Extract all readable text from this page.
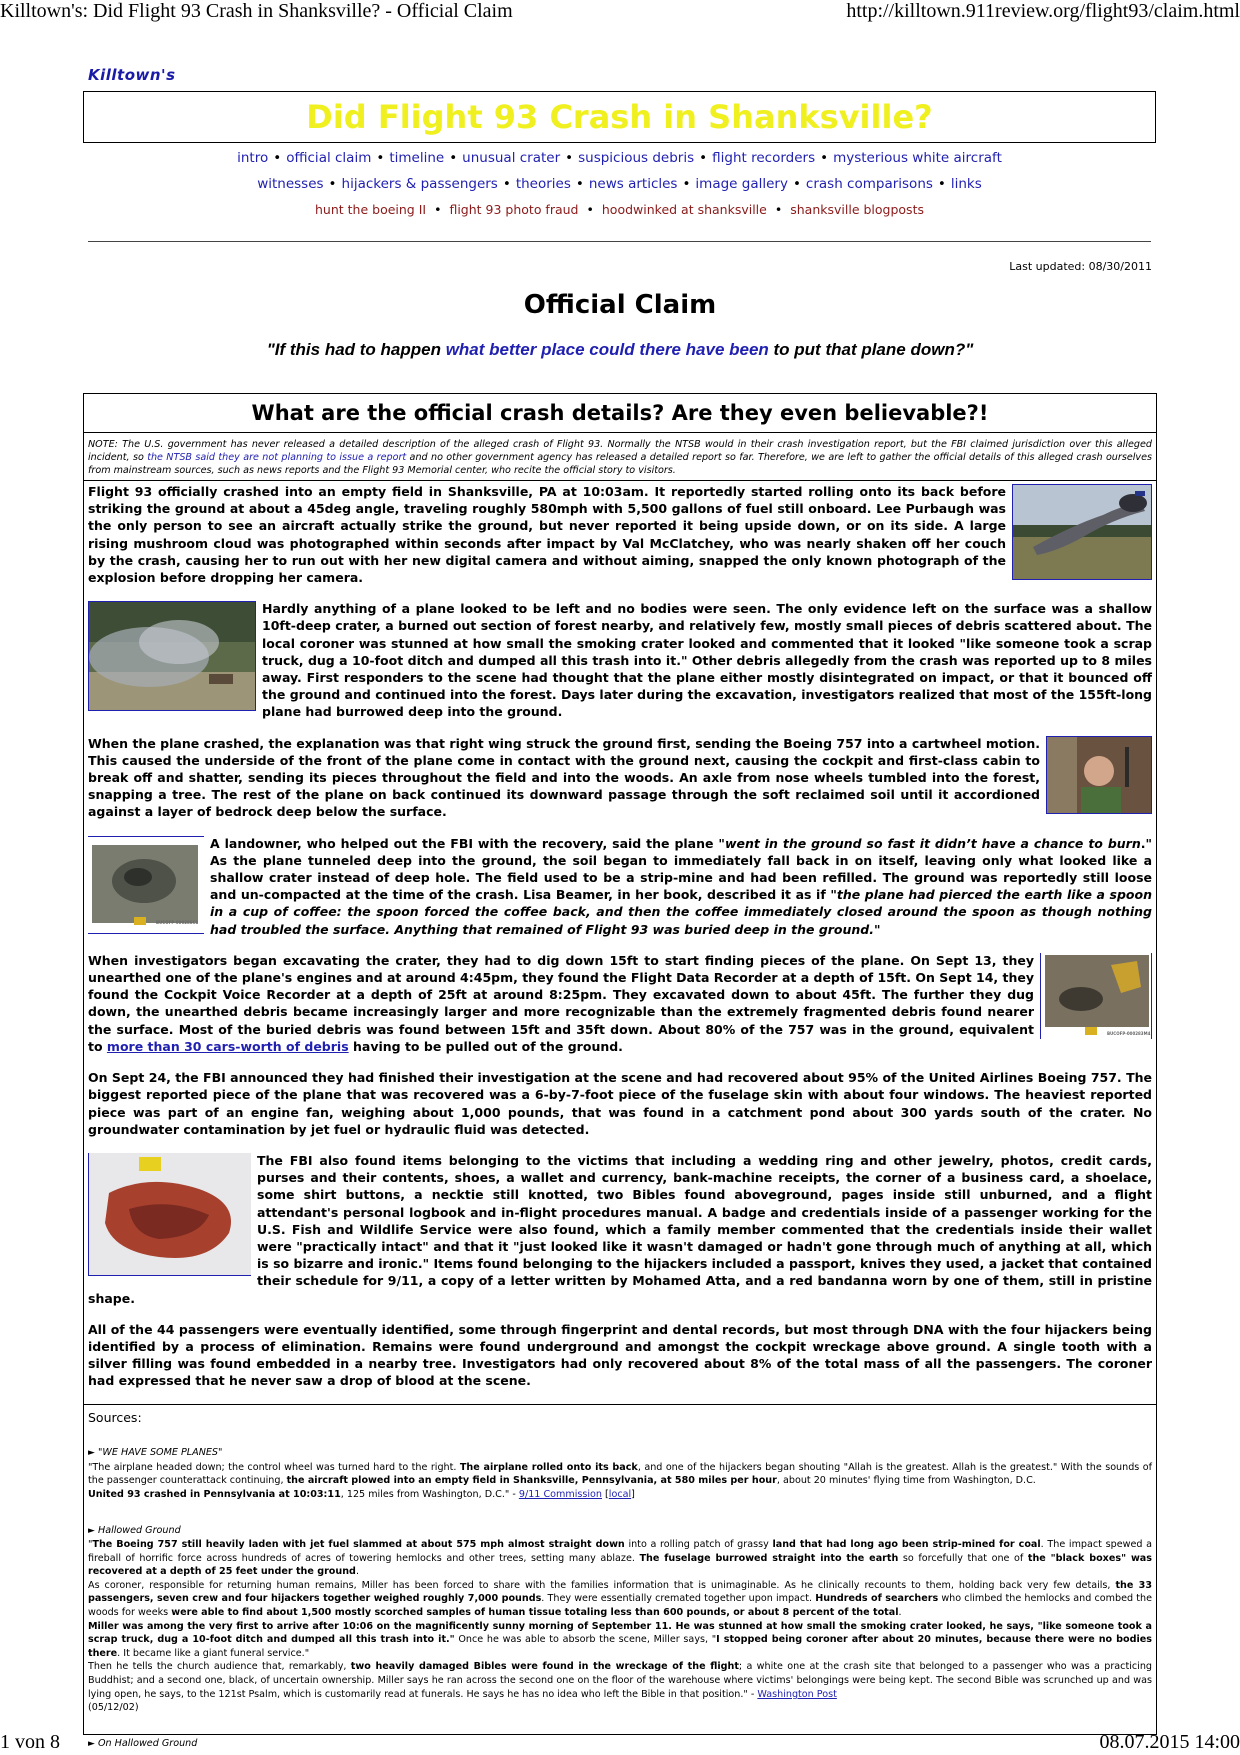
Killtown's: Did Flight 93 Crash in Shanksville? - Official Claim	http://killtown.911review.org/flight93/claim.html
Killtown's
Did Flight 93 Crash in Shanksville?
intro • official claim • timeline • unusual crater • suspicious debris • flight recorders • mysterious white aircraft
witnesses • hijackers & passengers • theories • news articles • image gallery • crash comparisons • links
hunt the boeing II • flight 93 photo fraud • hoodwinked at shanksville • shanksville blogposts
Last updated: 08/30/2011
Official Claim
"If this had to happen what better place could there have been to put that plane down?"
What are the official crash details? Are they even believable?!
NOTE: The U.S. government has never released a detailed description of the alleged crash of Flight 93. Normally the NTSB would in their crash investigation report, but the FBI claimed jurisdiction over this alleged incident, so the NTSB said they are not planning to issue a report and no other government agency has released a detailed report so far. Therefore, we are left to gather the official details of this alleged crash ourselves from mainstream sources, such as news reports and the Flight 93 Memorial center, who recite the official story to visitors.

Flight 93 officially crashed into an empty field in Shanksville, PA at 10:03am. It reportedly started rolling onto its back before striking the ground at about a 45deg angle, traveling roughly 580mph with 5,500 gallons of fuel still onboard. Lee Purbaugh was the only person to see an aircraft actually strike the ground, but never reported it being upside down, or on its side. A large rising mushroom cloud was photographed within seconds after impact by Val McClatchey, who was nearly shaken off her couch by the crash, causing her to run out with her new digital camera and without aiming, snapped the only known photograph of the explosion before dropping her camera.

Hardly anything of a plane looked to be left and no bodies were seen. The only evidence left on the surface was a shallow 10ft-deep crater, a burned out section of forest nearby, and relatively few, mostly small pieces of debris scattered about. The local coroner was stunned at how small the smoking crater looked and commented that it looked "like someone took a scrap truck, dug a 10-foot ditch and dumped all this trash into it." Other debris allegedly from the crash was reported up to 8 miles away. First responders to the scene had thought that the plane either mostly disintegrated on impact, or that it bounced off the ground and continued into the forest. Days later during the excavation, investigators realized that most of the 155ft-long plane had burrowed deep into the ground.

When the plane crashed, the explanation was that right wing struck the ground first, sending the Boeing 757 into a cartwheel motion. This caused the underside of the front of the plane come in contact with the ground next, causing the cockpit and first-class cabin to break off and shatter, sending its pieces throughout the field and into the woods. An axle from nose wheels tumbled into the forest, snapping a tree. The rest of the plane on back continued its downward passage through the soft reclaimed soil until it accordioned against a layer of bedrock deep below the surface.

BUCOFP-000286C1
A landowner, who helped out the FBI with the recovery, said the plane "went in the ground so fast it didn’t have a chance to burn." As the plane tunneled deep into the ground, the soil began to immediately fall back in on itself, leaving only what looked like a shallow crater instead of deep hole. The field used to be a strip-mine and had been refilled. The ground was reportedly still loose and un-compacted at the time of the crash. Lisa Beamer, in her book, described it as if "the plane had pierced the earth like a spoon in a cup of coffee: the spoon forced the coffee back, and then the coffee immediately closed around the spoon as though nothing had troubled the surface. Anything that remained of Flight 93 was buried deep in the ground."

BUCOFP-000283M4
When investigators began excavating the crater, they had to dig down 15ft to start finding pieces of the plane. On Sept 13, they unearthed one of the plane's engines and at around 4:45pm, they found the Flight Data Recorder at a depth of 15ft. On Sept 14, they found the Cockpit Voice Recorder at a depth of 25ft at around 8:25pm. They excavated down to about 45ft. The further they dug down, the unearthed debris became increasingly larger and more recognizable than the extremely fragmented debris found nearer the surface. Most of the buried debris was found between 15ft and 35ft down. About 80% of the 757 was in the ground, equivalent to more than 30 cars-worth of debris having to be pulled out of the ground.

On Sept 24, the FBI announced they had finished their investigation at the scene and had recovered about 95% of the United Airlines Boeing 757. The biggest reported piece of the plane that was recovered was a 6-by-7-foot piece of the fuselage skin with about four windows. The heaviest reported piece was part of an engine fan, weighing about 1,000 pounds, that was found in a catchment pond about 300 yards south of the crater. No groundwater contamination by jet fuel or hydraulic fluid was detected.

The FBI also found items belonging to the victims that including a wedding ring and other jewelry, photos, credit cards, purses and their contents, shoes, a wallet and currency, bank-machine receipts, the corner of a business card, a shoelace, some shirt buttons, a necktie still knotted, two Bibles found aboveground, pages inside still unburned, and a flight attendant's personal logbook and in-flight procedures manual. A badge and credentials inside of a passenger working for the U.S. Fish and Wildlife Service were also found, which a family member commented that the credentials inside their wallet were "practically intact" and that it "just looked like it wasn't damaged or hadn't gone through much of anything at all, which is so bizarre and ironic." Items found belonging to the hijackers included a passport, knives they used, a jacket that contained their schedule for 9/11, a copy of a letter written by Mohamed Atta, and a red bandanna worn by one of them, still in pristine shape.

All of the 44 passengers were eventually identified, some through fingerprint and dental records, but most through DNA with the four hijackers being identified by a process of elimination. Remains were found underground and amongst the cockpit wreckage above ground. A single tooth with a silver filling was found embedded in a nearby tree. Investigators had only recovered about 8% of the total mass of all the passengers. The coroner had expressed that he never saw a drop of blood at the scene.

Sources:
► "WE HAVE SOME PLANES"
"The airplane headed down; the control wheel was turned hard to the right. The airplane rolled onto its back, and one of the hijackers began shouting "Allah is the greatest. Allah is the greatest." With the sounds of the passenger counterattack continuing, the aircraft plowed into an empty field in Shanksville, Pennsylvania, at 580 miles per hour, about 20 minutes' flying time from Washington, D.C.
United 93 crashed in Pennsylvania at 10:03:11, 125 miles from Washington, D.C." - 9/11 Commission [local]
► Hallowed Ground
"The Boeing 757 still heavily laden with jet fuel slammed at about 575 mph almost straight down into a rolling patch of grassy land that had long ago been strip-mined for coal. The impact spewed a fireball of horrific force across hundreds of acres of towering hemlocks and other trees, setting many ablaze. The fuselage burrowed straight into the earth so forcefully that one of the "black boxes" was recovered at a depth of 25 feet under the ground.
As coroner, responsible for returning human remains, Miller has been forced to share with the families information that is unimaginable. As he clinically recounts to them, holding back very few details, the 33 passengers, seven crew and four hijackers together weighed roughly 7,000 pounds. They were essentially cremated together upon impact. Hundreds of searchers who climbed the hemlocks and combed the woods for weeks were able to find about 1,500 mostly scorched samples of human tissue totaling less than 600 pounds, or about 8 percent of the total.
Miller was among the very first to arrive after 10:06 on the magnificently sunny morning of September 11. He was stunned at how small the smoking crater looked, he says, "like someone took a scrap truck, dug a 10-foot ditch and dumped all this trash into it." Once he was able to absorb the scene, Miller says, "I stopped being coroner after about 20 minutes, because there were no bodies there. It became like a giant funeral service."
Then he tells the church audience that, remarkably, two heavily damaged Bibles were found in the wreckage of the flight; a white one at the crash site that belonged to a passenger who was a practicing Buddhist; and a second one, black, of uncertain ownership. Miller says he ran across the second one on the floor of the warehouse where victims' belongings were being kept. The second Bible was scrunched up and was lying open, he says, to the 121st Psalm, which is customarily read at funerals. He says he has no idea who left the Bible in that position." - Washington Post
(05/12/02)
► On Hallowed Ground
1 von 8	08.07.2015 14:00
